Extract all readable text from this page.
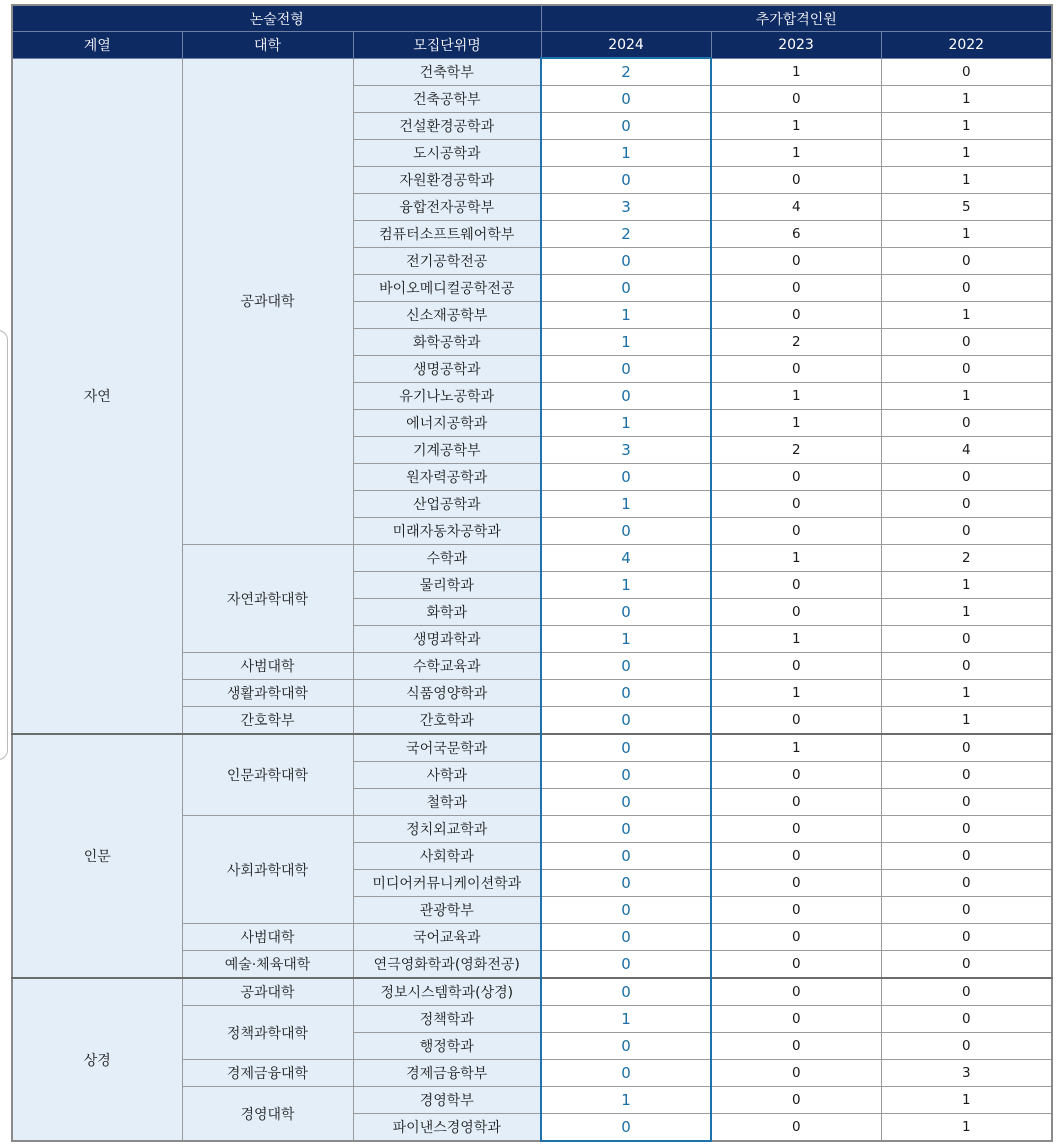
논술전형			추가합격인원		
계열	대학	모집단위명	2024	2023	2022
자연	공과대학	건축학부	2	1	0
		건축공학부	0	0	1
		건설환경공학과	0	1	1
		도시공학과	1	1	1
		자원환경공학과	0	0	1
		융합전자공학부	3	4	5
		컴퓨터소프트웨어학부	2	6	1
		전기공학전공	0	0	0
		바이오메디컬공학전공	0	0	0
		신소재공학부	1	0	1
		화학공학과	1	2	0
		생명공학과	0	0	0
		유기나노공학과	0	1	1
		에너지공학과	1	1	0
		기계공학부	3	2	4
		원자력공학과	0	0	0
		산업공학과	1	0	0
		미래자동차공학과	0	0	0
	자연과학대학	수학과	4	1	2
		물리학과	1	0	1
		화학과	0	0	1
		생명과학과	1	1	0
	사범대학	수학교육과	0	0	0
	생활과학대학	식품영양학과	0	1	1
	간호학부	간호학과	0	0	1
인문	인문과학대학	국어국문학과	0	1	0
		사학과	0	0	0
		철학과	0	0	0
	사회과학대학	정치외교학과	0	0	0
		사회학과	0	0	0
		미디어커뮤니케이션학과	0	0	0
		관광학부	0	0	0
	사범대학	국어교육과	0	0	0
	예술·체육대학	연극영화학과(영화전공)	0	0	0
상경	공과대학	정보시스템학과(상경)	0	0	0
	정책과학대학	정책학과	1	0	0
		행정학과	0	0	0
	경제금융대학	경제금융학부	0	0	3
	경영대학	경영학부	1	0	1
		파이낸스경영학과	0	0	1
